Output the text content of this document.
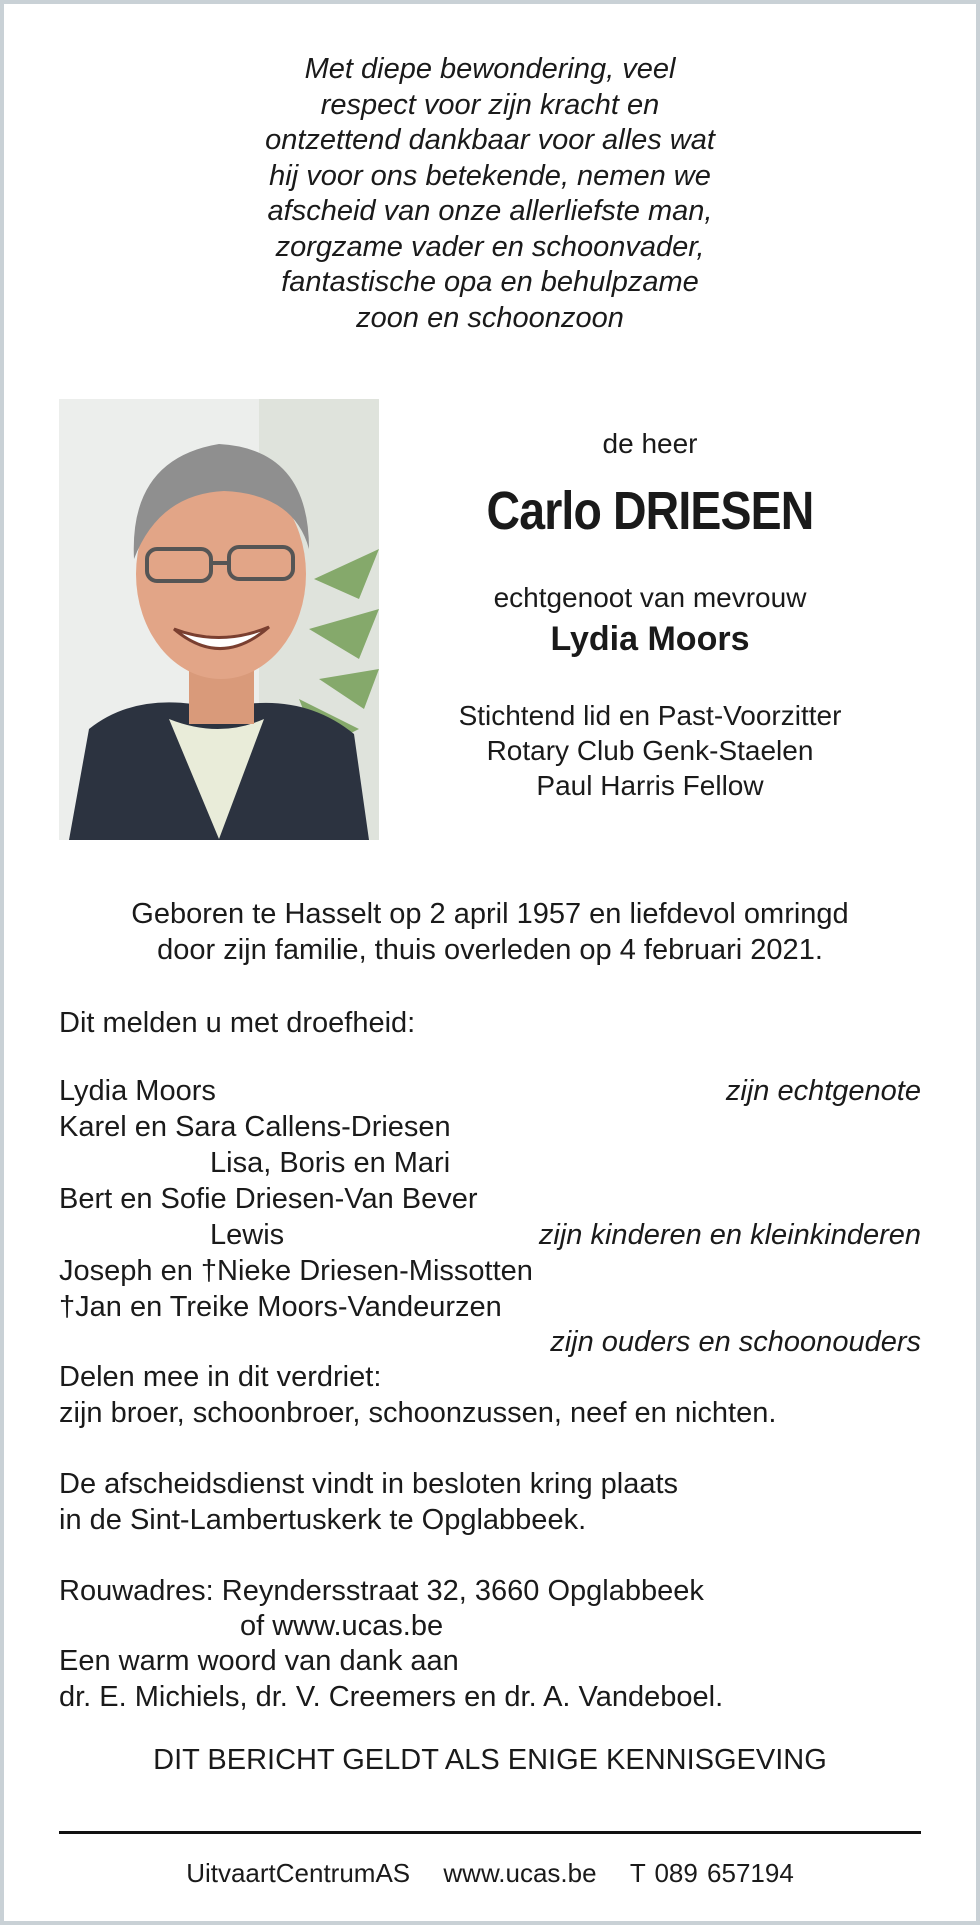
Met diepe bewondering, veel
respect voor zijn kracht en
ontzettend dankbaar voor alles wat
hij voor ons betekende, nemen we
afscheid van onze allerliefste man,
zorgzame vader en schoonvader,
fantastische opa en behulpzame
zoon en schoonzoon
de heer
Carlo DRIESEN
echtgenoot van mevrouw
Lydia Moors
Stichtend lid en Past-Voorzitter
Rotary Club Genk-Staelen
Paul Harris Fellow
Geboren te Hasselt op 2 april 1957 en liefdevol omringd
door zijn familie, thuis overleden op 4 februari 2021.
Dit melden u met droefheid:
Lydia Moors	zijn echtgenote
Karel en Sara Callens-Driesen
Lisa, Boris en Mari
Bert en Sofie Driesen-Van Bever
Lewis	zijn kinderen en kleinkinderen
Joseph en †Nieke Driesen-Missotten
†Jan en Treike Moors-Vandeurzen
zijn ouders en schoonouders
Delen mee in dit verdriet:
zijn broer, schoonbroer, schoonzussen, neef en nichten.
De afscheidsdienst vindt in besloten kring plaats
in de Sint-Lambertuskerk te Opglabbeek.
Rouwadres: Reyndersstraat 32, 3660 Opglabbeek
of www.ucas.be
Een warm woord van dank aan
dr. E. Michiels, dr. V. Creemers en dr. A. Vandeboel.
DIT BERICHT GELDT ALS ENIGE KENNISGEVING
UitvaartCentrumAS www.ucas.be T 089 657194
